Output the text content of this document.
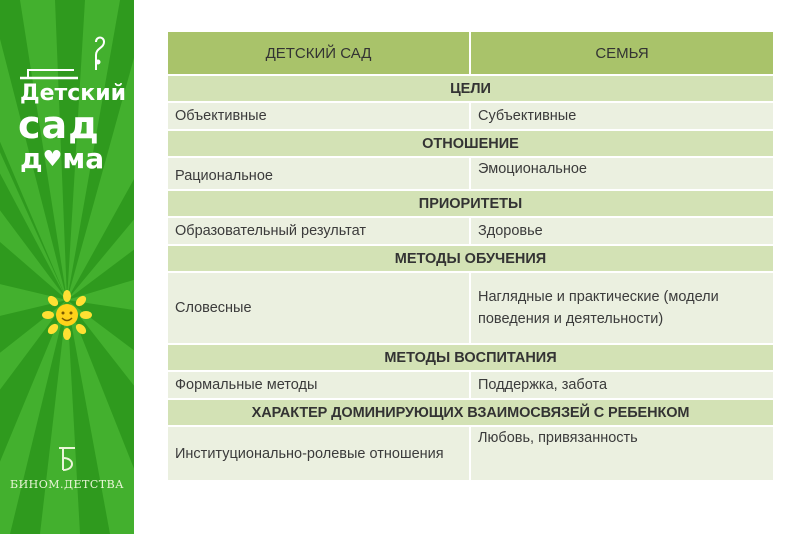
Детский
сад
д♥ма
БИНОМ.ДЕТСТВА
ДЕТСКИЙ САД	СЕМЬЯ
ЦЕЛИ	
Объективные	Субъективные
ОТНОШЕНИЕ	
Рациональное	Эмоциональное
ПРИОРИТЕТЫ	
Образовательный результат	Здоровье
МЕТОДЫ ОБУЧЕНИЯ	
Словесные	Наглядные и практические (модели поведения и деятельности)
МЕТОДЫ ВОСПИТАНИЯ	
Формальные методы	Поддержка, забота
ХАРАКТЕР ДОМИНИРУЮЩИХ ВЗАИМОСВЯЗЕЙ С РЕБЕНКОМ	
Институционально-ролевые отношения	Любовь, привязанность
